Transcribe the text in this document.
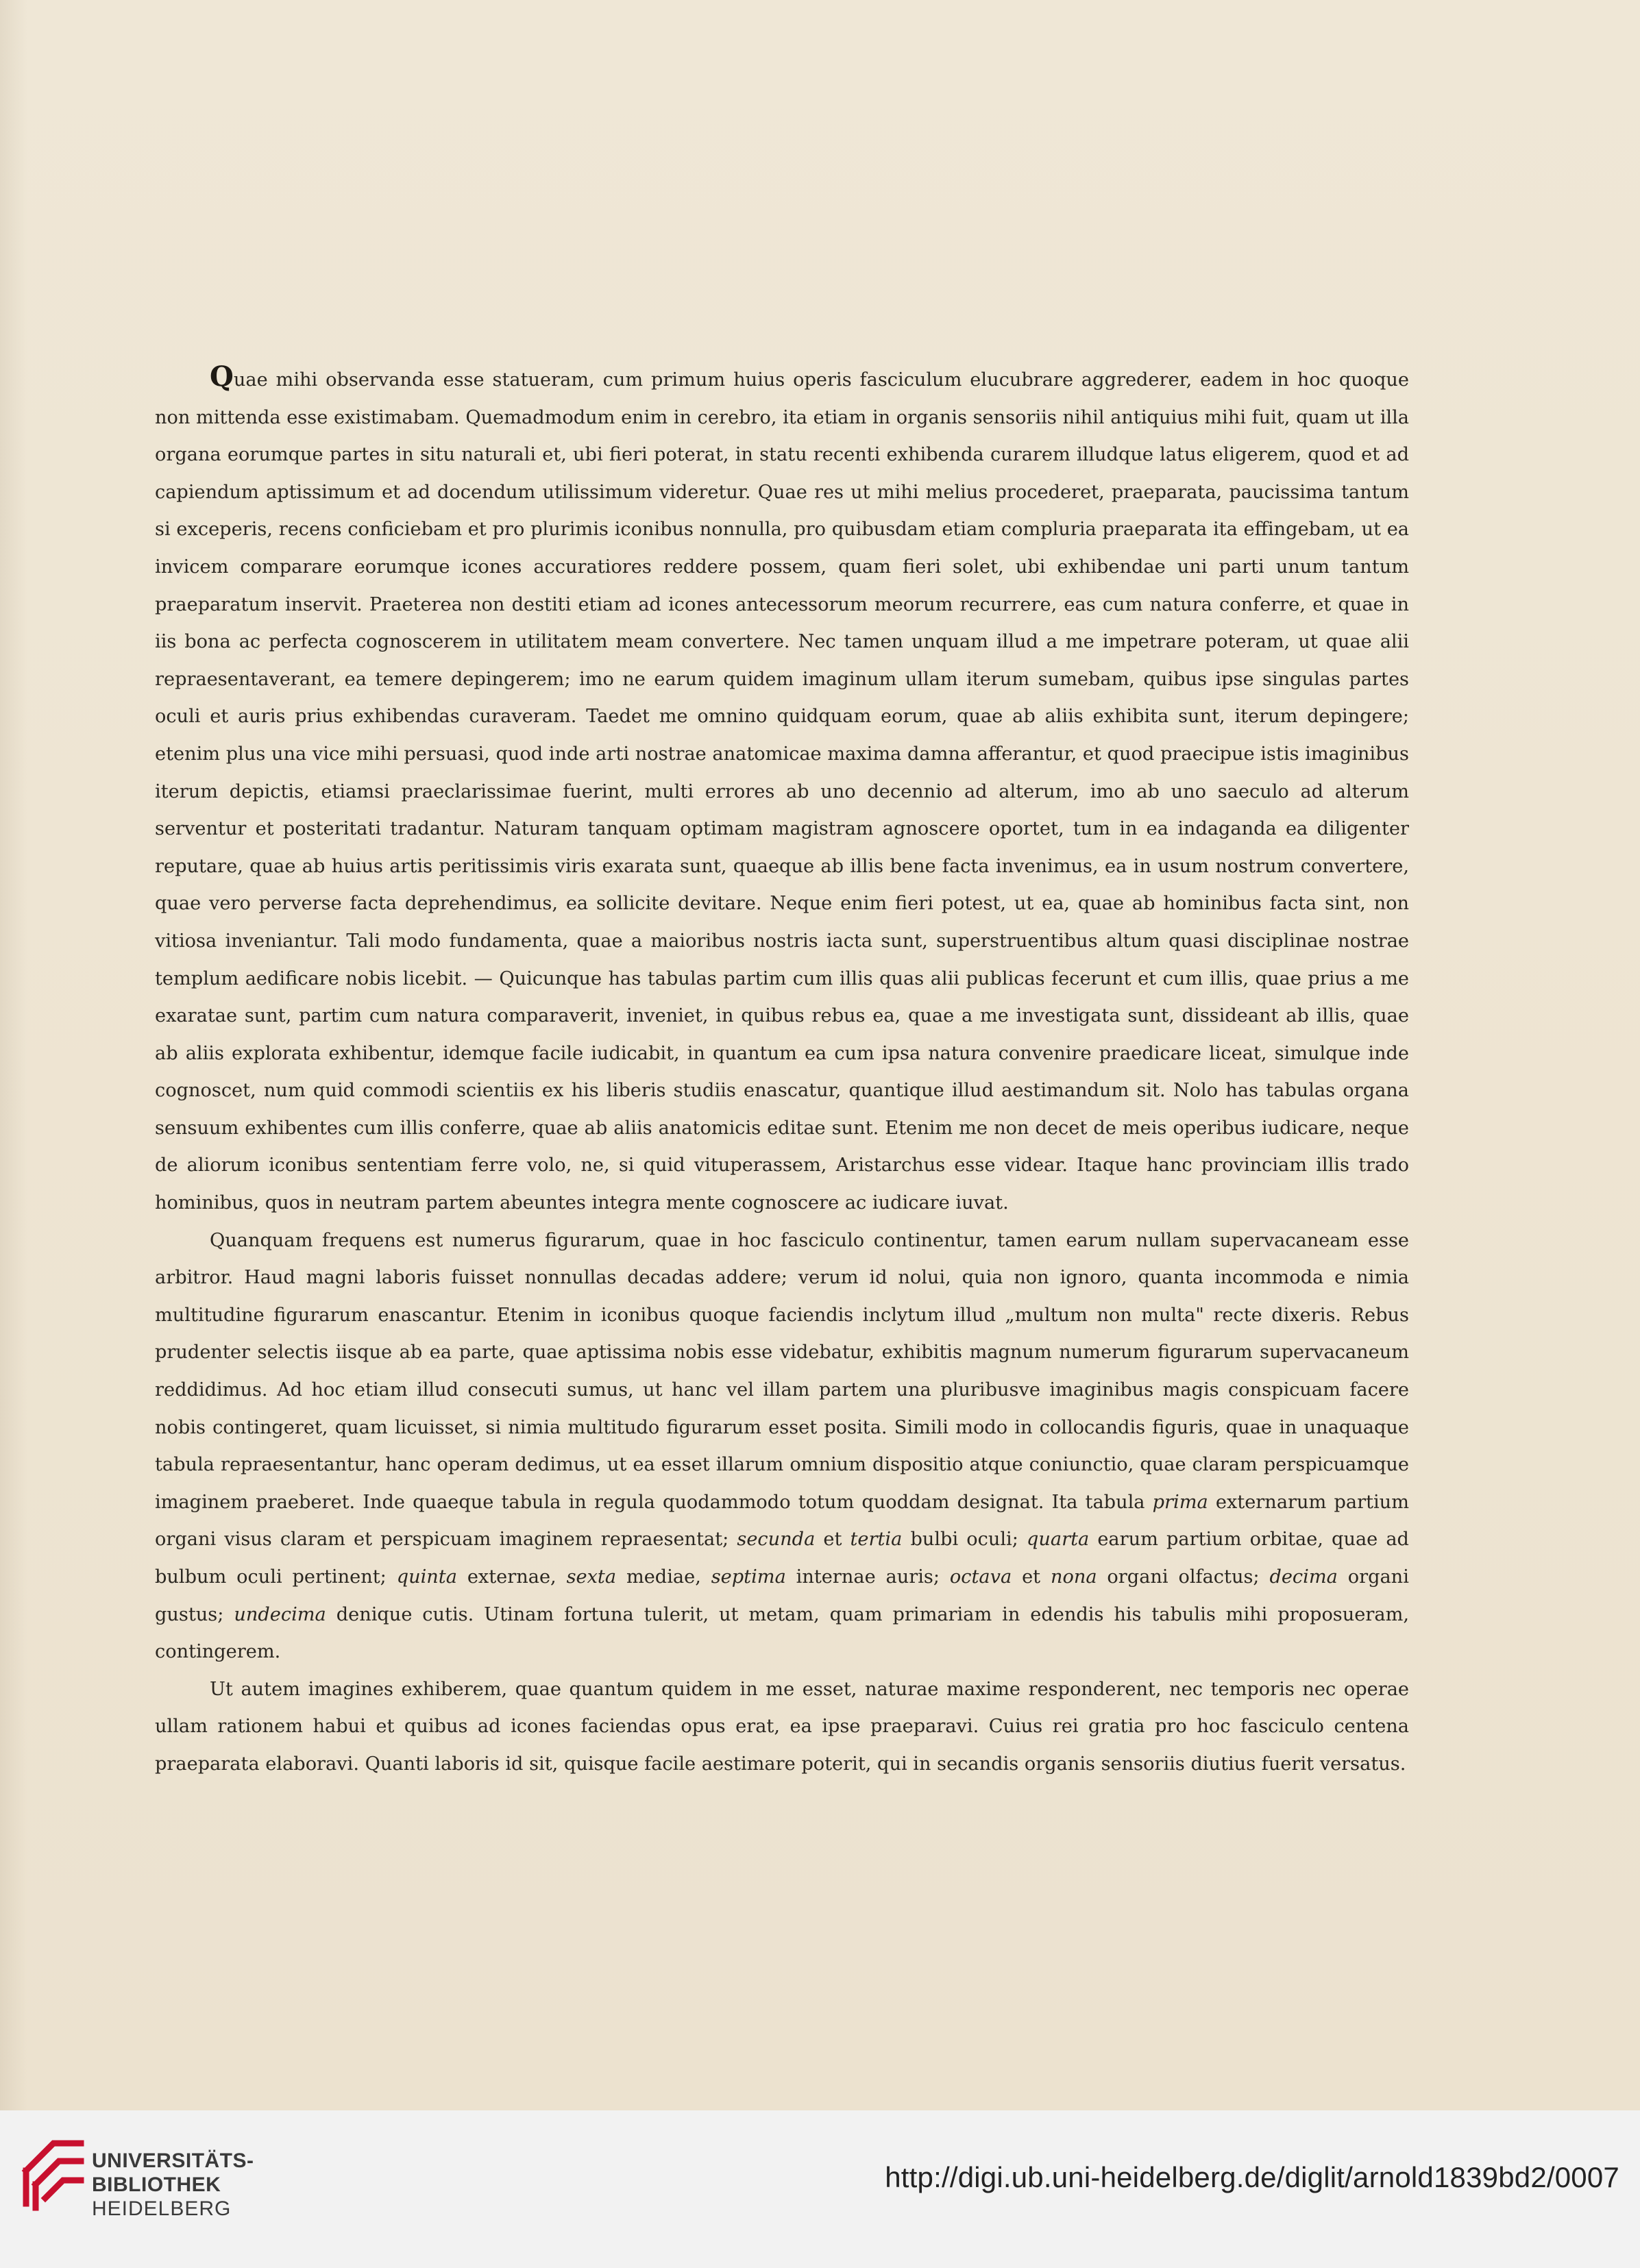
Quae mihi observanda esse statueram, cum primum huius operis fasciculum elucubrare aggrederer, eadem in hoc quoque non mittenda esse existimabam. Quemadmodum enim in cerebro, ita etiam in organis sensoriis nihil antiquius mihi fuit, quam ut illa organa eorumque partes in situ naturali et, ubi fieri poterat, in statu recenti exhibenda curarem illudque latus eligerem, quod et ad capiendum aptissimum et ad docendum utilissimum videretur. Quae res ut mihi melius procederet, praeparata, paucissima tantum si exceperis, recens conficiebam et pro plurimis iconibus nonnulla, pro quibusdam etiam compluria praeparata ita effingebam, ut ea invicem comparare eorumque icones accuratiores reddere possem, quam fieri solet, ubi exhibendae uni parti unum tantum praeparatum inservit. Praeterea non destiti etiam ad icones antecessorum meorum recurrere, eas cum natura conferre, et quae in iis bona ac perfecta cognoscerem in utilitatem meam convertere. Nec tamen unquam illud a me impetrare poteram, ut quae alii repraesentaverant, ea temere depingerem; imo ne earum quidem imaginum ullam iterum sumebam, quibus ipse singulas partes oculi et auris prius exhibendas curaveram. Taedet me omnino quidquam eorum, quae ab aliis exhibita sunt, iterum depingere; etenim plus una vice mihi persuasi, quod inde arti nostrae anatomicae maxima damna afferantur, et quod praecipue istis imaginibus iterum depictis, etiamsi praeclarissimae fuerint, multi errores ab uno decennio ad alterum, imo ab uno saeculo ad alterum serventur et posteritati tradantur. Naturam tanquam optimam magistram agnoscere oportet, tum in ea indaganda ea diligenter reputare, quae ab huius artis peritissimis viris exarata sunt, quaeque ab illis bene facta invenimus, ea in usum nostrum convertere, quae vero perverse facta deprehendimus, ea sollicite devitare. Neque enim fieri potest, ut ea, quae ab hominibus facta sint, non vitiosa inveniantur. Tali modo fundamenta, quae a maioribus nostris iacta sunt, superstruentibus altum quasi disciplinae nostrae templum aedificare nobis licebit. — Quicunque has tabulas partim cum illis quas alii publicas fecerunt et cum illis, quae prius a me exaratae sunt, partim cum natura comparaverit, inveniet, in quibus rebus ea, quae a me investigata sunt, dissideant ab illis, quae ab aliis explorata exhibentur, idemque facile iudicabit, in quantum ea cum ipsa natura convenire praedicare liceat, simulque inde cognoscet, num quid commodi scientiis ex his liberis studiis enascatur, quantique illud aestimandum sit. Nolo has tabulas organa sensuum exhibentes cum illis conferre, quae ab aliis anatomicis editae sunt. Etenim me non decet de meis operibus iudicare, neque de aliorum iconibus sententiam ferre volo, ne, si quid vituperassem, Aristarchus esse videar. Itaque hanc provinciam illis trado hominibus, quos in neutram partem abeuntes integra mente cognoscere ac iudicare iuvat.

Quanquam frequens est numerus figurarum, quae in hoc fasciculo continentur, tamen earum nullam supervacaneam esse arbitror. Haud magni laboris fuisset nonnullas decadas addere; verum id nolui, quia non ignoro, quanta incommoda e nimia multitudine figurarum enascantur. Etenim in iconibus quoque faciendis inclytum illud „multum non multa" recte dixeris. Rebus prudenter selectis iisque ab ea parte, quae aptissima nobis esse videbatur, exhibitis magnum numerum figurarum supervacaneum reddidimus. Ad hoc etiam illud consecuti sumus, ut hanc vel illam partem una pluribusve imaginibus magis conspicuam facere nobis contingeret, quam licuisset, si nimia multitudo figurarum esset posita. Simili modo in collocandis figuris, quae in unaquaque tabula repraesentantur, hanc operam dedimus, ut ea esset illarum omnium dispositio atque coniunctio, quae claram perspicuamque imaginem praeberet. Inde quaeque tabula in regula quodammodo totum quoddam designat. Ita tabula prima externarum partium organi visus claram et perspicuam imaginem repraesentat; secunda et tertia bulbi oculi; quarta earum partium orbitae, quae ad bulbum oculi pertinent; quinta externae, sexta mediae, septima internae auris; octava et nona organi olfactus; decima organi gustus; undecima denique cutis. Utinam fortuna tulerit, ut metam, quam primariam in edendis his tabulis mihi proposueram, contingerem.

Ut autem imagines exhiberem, quae quantum quidem in me esset, naturae maxime responderent, nec temporis nec operae ullam rationem habui et quibus ad icones faciendas opus erat, ea ipse praeparavi. Cuius rei gratia pro hoc fasciculo centena praeparata elaboravi. Quanti laboris id sit, quisque facile aestimare poterit, qui in secandis organis sensoriis diutius fuerit versatus.

UNIVERSITÄTS-
BIBLIOTHEK
HEIDELBERG
http://digi.ub.uni-heidelberg.de/diglit/arnold1839bd2/0007
